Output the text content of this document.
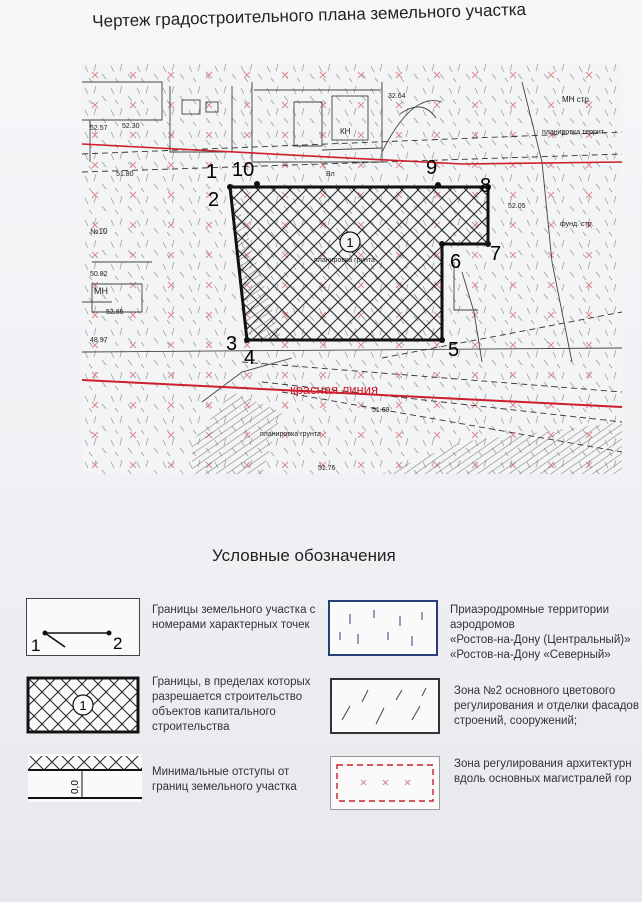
Чертеж градостроительного плана земельного участка
1
1
2
3
4	5
6 7
8
9
10
красная линия
планировка террит.
планировка грунта
планировка грунта
МН стр.
МН
КН
№10
фунд. стр.
Вл
32.64
52.30
52.57
51.80
50.82
51.69
51.76
48.97
52.85
52.05
Условные обозначения
1	2
Границы земельного участка с
номерами характерных точек
Приаэродромные территории
аэродромов
«Ростов-на-Дону (Центральный)»
«Ростов-на-Дону «Северный»
1
Границы, в пределах которых
разрешается строительство
объектов капитального
строительства
Зона №2 основного цветового
регулирования и отделки фасадов
строений, сооружений;
0,0
Минимальные отступы от
границ земельного участка
Зона регулирования архитектурн
вдоль основных магистралей гор
